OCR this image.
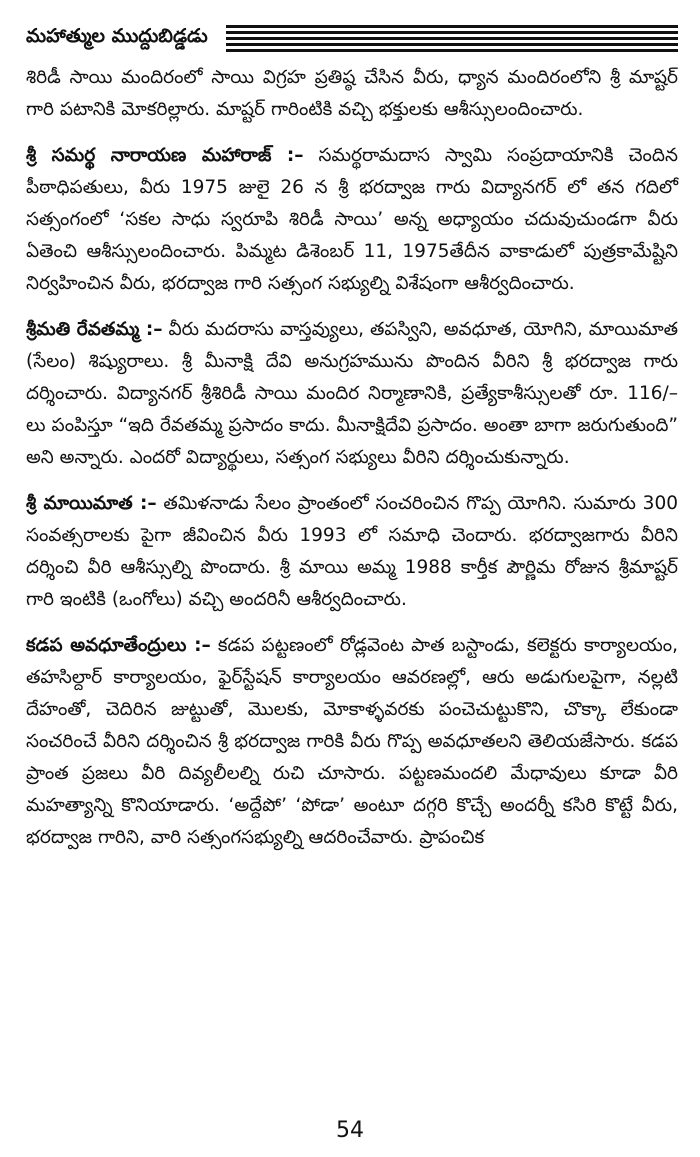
మహాత్ముల ముద్దుబిడ్డడు

శిరిడీ సాయి మందిరంలో సాయి విగ్రహ ప్రతిష్ఠ చేసిన వీరు, ధ్యాన మందిరంలోని శ్రీ మాష్టర్ గారి పటానికి మోకరిల్లారు. మాష్టర్ గారింటికి వచ్చి భక్తులకు ఆశీస్సులందించారు.

శ్రీ సమర్థ నారాయణ మహారాజ్ :– సమర్థరామదాస స్వామి సంప్రదాయానికి చెందిన పీఠాధిపతులు, వీరు 1975 జులై 26 న శ్రీ భరద్వాజ గారు విద్యానగర్ లో తన గదిలో సత్సంగంలో ‘సకల సాధు స్వరూపి శిరిడీ సాయి’ అన్న అధ్యాయం చదువుచుండగా వీరు ఏతెంచి ఆశీస్సులందించారు. పిమ్మట డిశెంబర్ 11, 1975తేదీన వాకాడులో పుత్రకామేష్టిని నిర్వహించిన వీరు, భరద్వాజ గారి సత్సంగ సభ్యుల్ని విశేషంగా ఆశీర్వదించారు.

శ్రీమతి రేవతమ్మ :– వీరు మదరాసు వాస్తవ్యులు, తపస్విని, అవధూత, యోగిని, మాయిమాత (సేలం) శిష్యురాలు. శ్రీ మీనాక్షి దేవి అనుగ్రహమును పొందిన వీరిని శ్రీ భరద్వాజ గారు దర్శించారు. విద్యానగర్ శ్రీశిరిడీ సాయి మందిర నిర్మాణానికి, ప్రత్యేకాశీస్సులతో రూ. 116/– లు పంపిస్తూ “ఇది రేవతమ్మ ప్రసాదం కాదు. మీనాక్షిదేవి ప్రసాదం. అంతా బాగా జరుగుతుంది” అని అన్నారు. ఎందరో విద్యార్థులు, సత్సంగ సభ్యులు వీరిని దర్శించుకున్నారు.

శ్రీ మాయిమాత :– తమిళనాడు సేలం ప్రాంతంలో సంచరించిన గొప్ప యోగిని. సుమారు 300 సంవత్సరాలకు పైగా జీవించిన వీరు 1993 లో సమాధి చెందారు. భరద్వాజగారు వీరిని దర్శించి వీరి ఆశీస్సుల్ని పొందారు. శ్రీ మాయి అమ్మ 1988 కార్తీక పౌర్ణిమ రోజున శ్రీమాష్టర్ గారి ఇంటికి (ఒంగోలు) వచ్చి అందరినీ ఆశీర్వదించారు.

కడప అవధూతేంద్రులు :– కడప పట్టణంలో రోడ్లవెంట పాత బస్టాండు, కలెక్టరు కార్యాలయం, తహసిల్దార్ కార్యాలయం, ఫైర్‌స్టేషన్ కార్యాలయం ఆవరణల్లో, ఆరు అడుగులపైగా, నల్లటి దేహంతో, చెదిరిన జుట్టుతో, మొలకు, మోకాళ్ళవరకు పంచెచుట్టుకొని, చొక్కా లేకుండా సంచరించే వీరిని దర్శించిన శ్రీ భరద్వాజ గారికి వీరు గొప్ప అవధూతలని తెలియజేసారు. కడప ప్రాంత ప్రజలు వీరి దివ్యలీలల్ని రుచి చూసారు. పట్టణమందలి మేధావులు కూడా వీరి మహత్యాన్ని కొనియాడారు. ‘అద్దేపో’ ‘పోడా’ అంటూ దగ్గరి కొచ్చే అందర్నీ కసిరి కొట్టే వీరు, భరద్వాజ గారిని, వారి సత్సంగసభ్యుల్ని ఆదరించేవారు. ప్రాపంచిక

54
